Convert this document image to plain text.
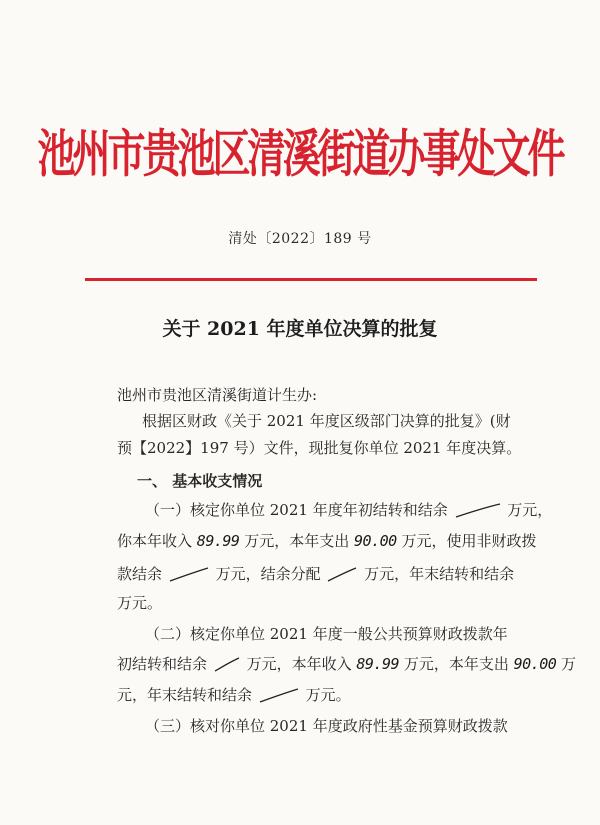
池州市贵池区清溪街道办事处文件
清处〔2022〕189 号
关于 2021 年度单位决算的批复
池州市贵池区清溪街道计生办:
根据区财政《关于 2021 年度区级部门决算的批复》(财
预【2022】197 号）文件，现批复你单位 2021 年度决算。
一、 基本收支情况
（一）核定你单位 2021 年度年初结转和结余	万元，
你本年收入 89.99 万元，本年支出 90.00 万元，使用非财政拨
款结余	万元，结余分配	万元，年末结转和结余
万元。
（二）核定你单位 2021 年度一般公共预算财政拨款年
初结转和结余	万元，本年收入 89.99 万元，本年支出 90.00 万
元，年末结转和结余	万元。
（三）核对你单位 2021 年度政府性基金预算财政拨款
